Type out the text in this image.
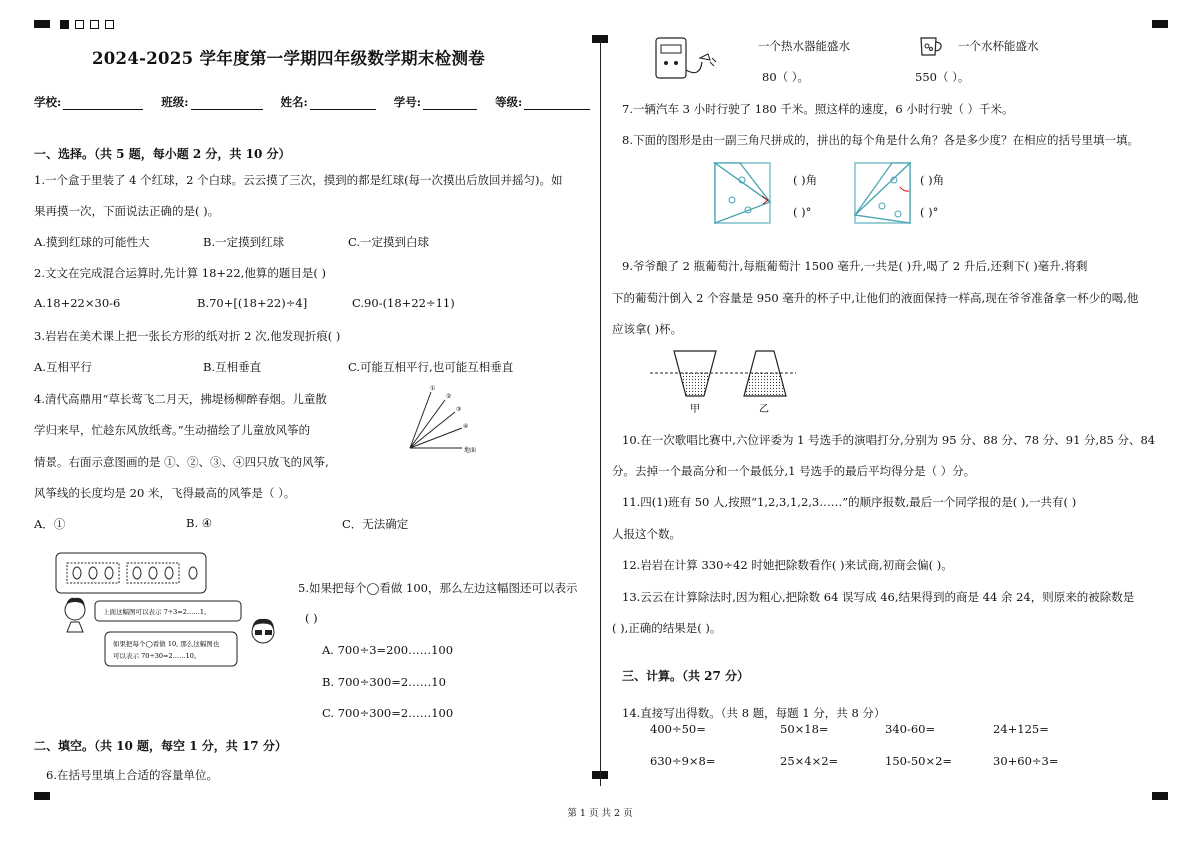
2024-2025 学年度第一学期四年级数学期末检测卷
学校:	班级:	姓名:	学号:	等级:
一、选择。（共 5 题，每小题 2 分，共 10 分）
1.一个盒于里装了 4 个红球，2 个白球。云云摸了三次，摸到的都是红球(每一次摸出后放回并摇匀)。如
果再摸一次，下面说法正确的是( )。
A.摸到红球的可能性大	B.一定摸到红球	C.一定摸到白球
2.文文在完成混合运算时,先计算 18+22,他算的题目是( )
A.18+22×30-6	B.70+[(18+22)÷4]	C.90-(18+22÷11)
3.岩岩在美术课上把一张长方形的纸对折 2 次,他发现折痕( )
A.互相平行	B.互相垂直	C.可能互相平行,也可能互相垂直
4.清代高鼎用“草长莺飞二月天，拂堤杨柳醉春烟。儿童散
学归来早，忙趁东风放纸鸢。”生动描绘了儿童放风筝的
情景。右面示意图画的是 ①、②、③、④四只放飞的风筝,
风筝线的长度均是 20 米，飞得最高的风筝是（ ）。
①
②
③
④
地面
A．①	B. ④	C．无法确定
上面这幅图可以表示 7÷3=2……1。
如果把每个◯看做 10, 那么这幅图也
可以表示 70÷30=2……10。
5.如果把每个◯看做 100，那么左边这幅图还可以表示
( )
A. 700÷3=200……100
B. 700÷300=2……10
C. 700÷300=2……100
二、填空。（共 10 题，每空 1 分，共 17 分）
6.在括号里填上合适的容量单位。
一个热水器能盛水
80（ ）。
一个水杯能盛水
550（ ）。
7.一辆汽车 3 小时行驶了 180 千米。照这样的速度，6 小时行驶（ ）千米。
8.下面的图形是由一副三角尺拼成的，拼出的每个角是什么角？各是多少度？在相应的括号里填一填。
( )角
( )°
( )角
( )°
9.爷爷酿了 2 瓶葡萄汁,每瓶葡萄汁 1500 毫升,一共是( )升,喝了 2 升后,还剩下( )毫升.将剩
下的葡萄汁倒入 2 个容量是 950 毫升的杯子中,让他们的液面保持一样高,现在爷爷准备拿一杯少的喝,他
应该拿( )杯。
甲	乙
10.在一次歌唱比赛中,六位评委为 1 号选手的演唱打分,分别为 95 分、88 分、78 分、91 分,85 分、84
分。去掉一个最高分和一个最低分,1 号选手的最后平均得分是（ ）分。
11.四(1)班有 50 人,按照“1,2,3,1,2,3……”的顺序报数,最后一个同学报的是( ),一共有( )
人报这个数。
12.岩岩在计算 330÷42 时她把除数看作( )来试商,初商会偏( )。
13.云云在计算除法时,因为粗心,把除数 64 误写成 46,结果得到的商是 44 余 24，则原来的被除数是
( ),正确的结果是( )。
三、计算。（共 27 分）
14.直接写出得数。（共 8 题，每题 1 分，共 8 分）
400÷50=	50×18=	340-60=	24+125=
630÷9×8=	25×4×2=	150-50×2=	30+60÷3=
第 1 页 共 2 页
